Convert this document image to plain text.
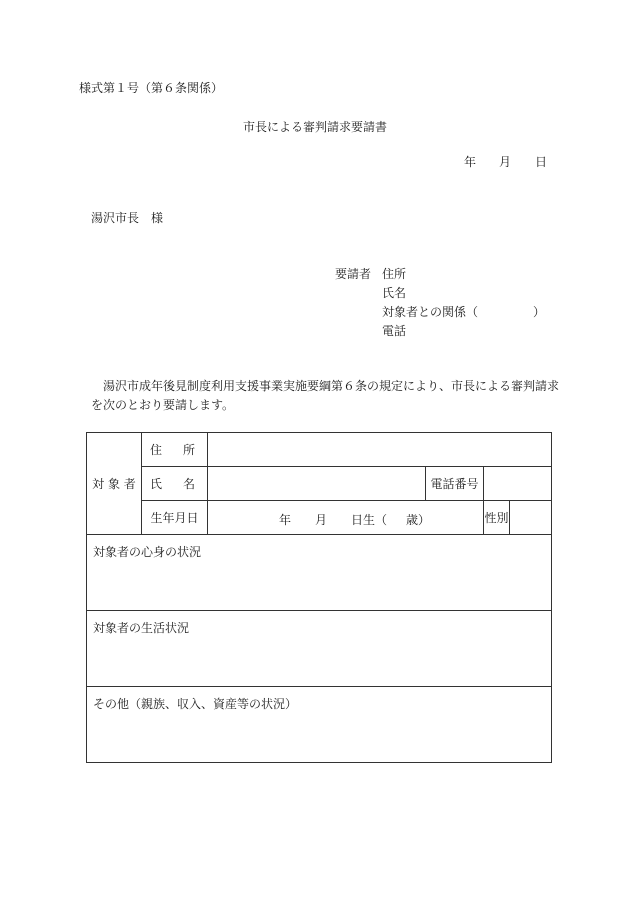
様式第１号（第６条関係）
市長による審判請求要請書
年 月 日
湯沢市長　様
要請者 住所
氏名
対象者との関係（	）
電話
湯沢市成年後見制度利用支援事業実施要綱第６条の規定により、市長による審判請求
を次のとおり要請します。
対 象 者	住 所				

	氏 名		電話番号		
	生年月日	年 月 日生（ 歳）		性別	
対象者の心身の状況					
対象者の生活状況					
その他（親族、収入、資産等の状況）					
